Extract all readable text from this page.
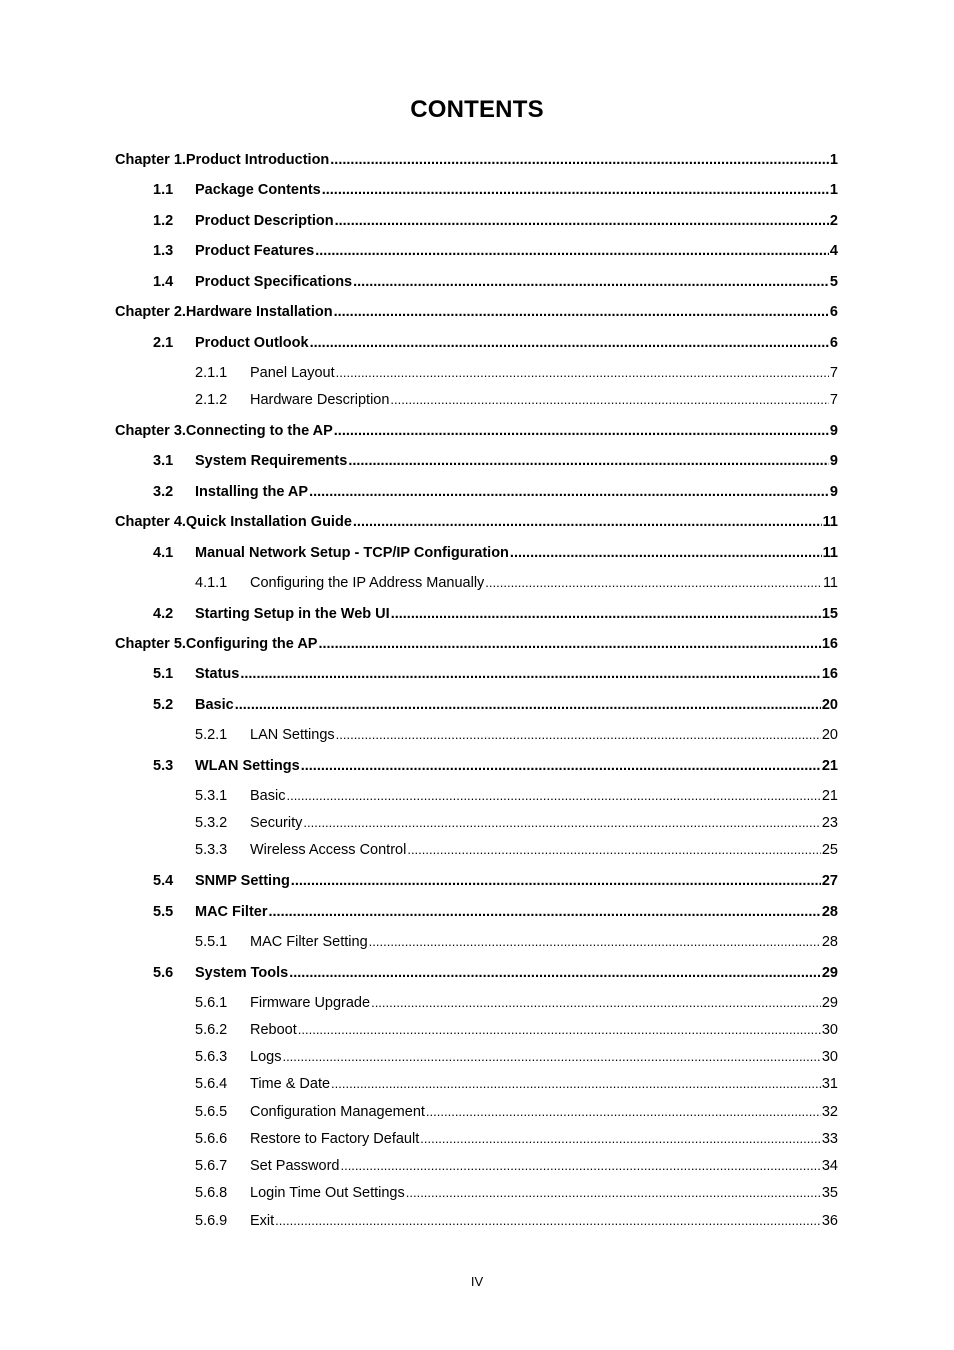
CONTENTS
Chapter 1.Product Introduction .....	1
1.1	Package Contents .....	1
1.2	Product Description .....	2
1.3	Product Features .....	4
1.4	Product Specifications .....	5
Chapter 2.Hardware Installation .....	6
2.1	Product Outlook .....	6
2.1.1	Panel Layout .....	7
2.1.2	Hardware Description .....	7
Chapter 3.Connecting to the AP .....	9
3.1	System Requirements .....	9
3.2	Installing the AP .....	9
Chapter 4.Quick Installation Guide .....	11
4.1	Manual Network Setup - TCP/IP Configuration .....	11
4.1.1	Configuring the IP Address Manually .....	11
4.2	Starting Setup in the Web UI .....	15
Chapter 5.Configuring the AP .....	16
5.1	Status .....	16
5.2	Basic .....	20
5.2.1	LAN Settings .....	20
5.3	WLAN Settings .....	21
5.3.1	Basic .....	21
5.3.2	Security .....	23
5.3.3	Wireless Access Control .....	25
5.4	SNMP Setting .....	27
5.5	MAC Filter .....	28
5.5.1	MAC Filter Setting .....	28
5.6	System Tools .....	29
5.6.1	Firmware Upgrade .....	29
5.6.2	Reboot .....	30
5.6.3	Logs .....	30
5.6.4	Time & Date .....	31
5.6.5	Configuration Management .....	32
5.6.6	Restore to Factory Default .....	33
5.6.7	Set Password .....	34
5.6.8	Login Time Out Settings .....	35
5.6.9	Exit .....	36
IV
